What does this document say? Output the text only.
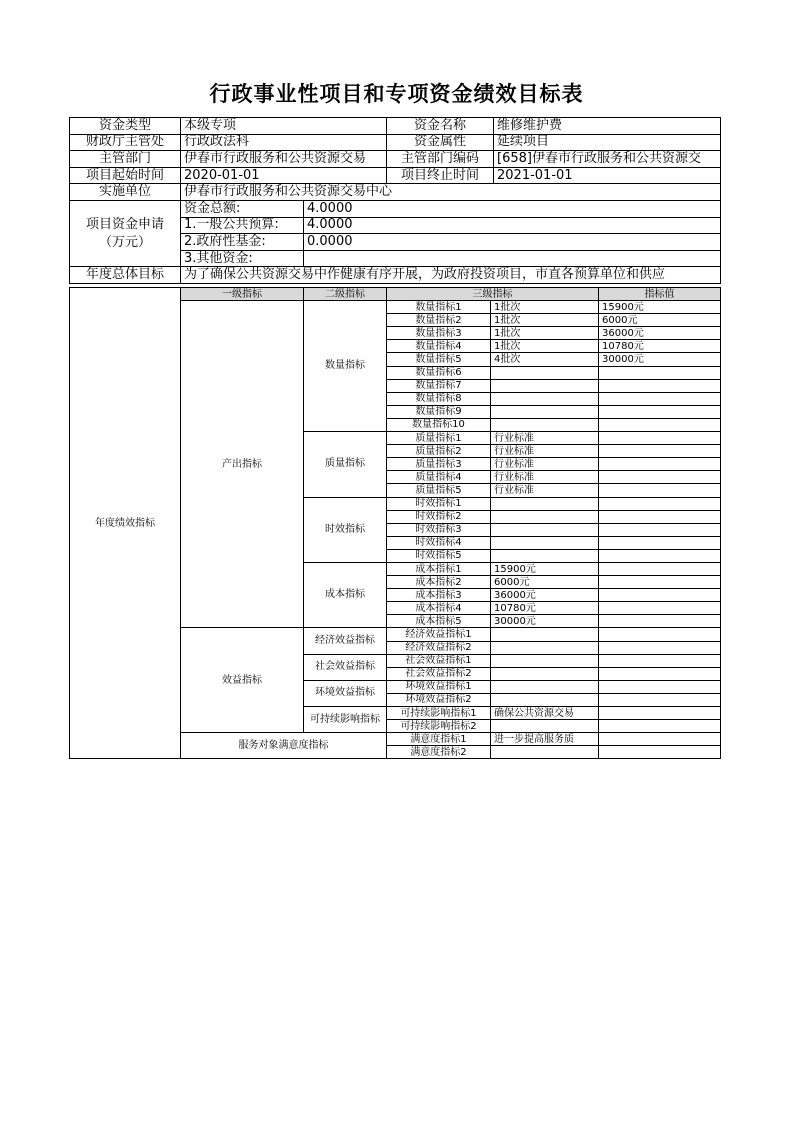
行政事业性项目和专项资金绩效目标表
资金类型	本级专项		资金名称	维修维护费
财政厅主管处	行政政法科		资金属性	延续项目
主管部门	伊春市行政服务和公共资源交易		主管部门编码	[658]伊春市行政服务和公共资源交
项目起始时间	2020-01-01		项目终止时间	2021-01-01
实施单位	伊春市行政服务和公共资源交易中心			
项目资金申请
（万元）	资金总额:	4.0000		
	1.一般公共预算:	4.0000		
	2.政府性基金:	0.0000		
	3.其他资金:			
年度总体目标	为了确保公共资源交易中作健康有序开展，为政府投资项目，市直各预算单位和供应			
年度绩效指标	一级指标	二级指标	三级指标		指标值
	产出指标	数量指标	数量指标1	1批次	15900元
			数量指标2	1批次	6000元
			数量指标3	1批次	36000元
			数量指标4	1批次	10780元
			数量指标5	4批次	30000元
			数量指标6		
			数量指标7		
			数量指标8		
			数量指标9		
			数量指标10		
		质量指标	质量指标1	行业标准	
			质量指标2	行业标准	
			质量指标3	行业标准	
			质量指标4	行业标准	
			质量指标5	行业标准	
		时效指标	时效指标1		
			时效指标2		
			时效指标3		
			时效指标4		
			时效指标5		
		成本指标	成本指标1	15900元	
			成本指标2	6000元	
			成本指标3	36000元	
			成本指标4	10780元	
			成本指标5	30000元	
	效益指标	经济效益指标	经济效益指标1		
			经济效益指标2		
		社会效益指标	社会效益指标1		
			社会效益指标2		
		环境效益指标	环境效益指标1		
			环境效益指标2		
		可持续影响指标	可持续影响指标1	确保公共资源交易	
			可持续影响指标2		
	服务对象满意度指标		满意度指标1	进一步提高服务质	
			满意度指标2		
